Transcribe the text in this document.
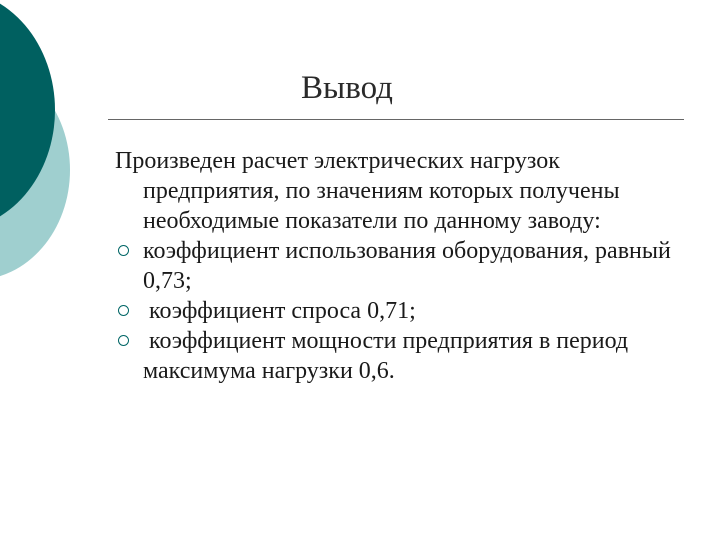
Вывод

Произведен расчет электрических нагрузок предприятия, по значениям которых получены необходимые показатели по данному заводу:

коэффициент использования оборудования, равный 0,73;
коэффициент спроса 0,71;
коэффициент мощности предприятия в период максимума нагрузки 0,6.
